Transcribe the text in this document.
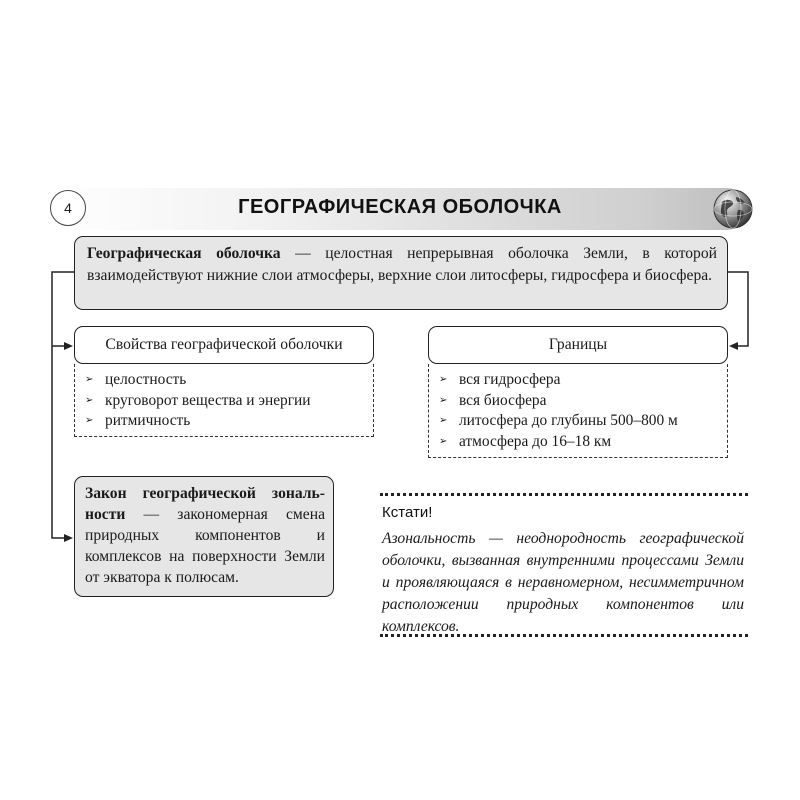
4	ГЕОГРАФИЧЕСКАЯ ОБОЛОЧКА
Географическая оболочка — целостная непрерывная оболочка Земли, в которой взаимодействуют нижние слои атмосферы, верхние слои литосферы, гидросфера и биосфера.
Свойства географической оболочки
➢ целостность
➢ круговорот вещества и энергии
➢ ритмичность
Границы
➢ вся гидросфера
➢ вся биосфера
➢ литосфера до глубины 500–800 м
➢ атмосфера до 16–18 км
Закон географической зональ-ности — закономерная смена природных компонентов и комплексов на поверхности Земли от экватора к полюсам.
Кстати!
Азональность — неоднородность географической оболочки, вызванная внутренними процессами Земли и проявляющаяся в неравномерном, несимметричном расположении природных компонентов или комплексов.
